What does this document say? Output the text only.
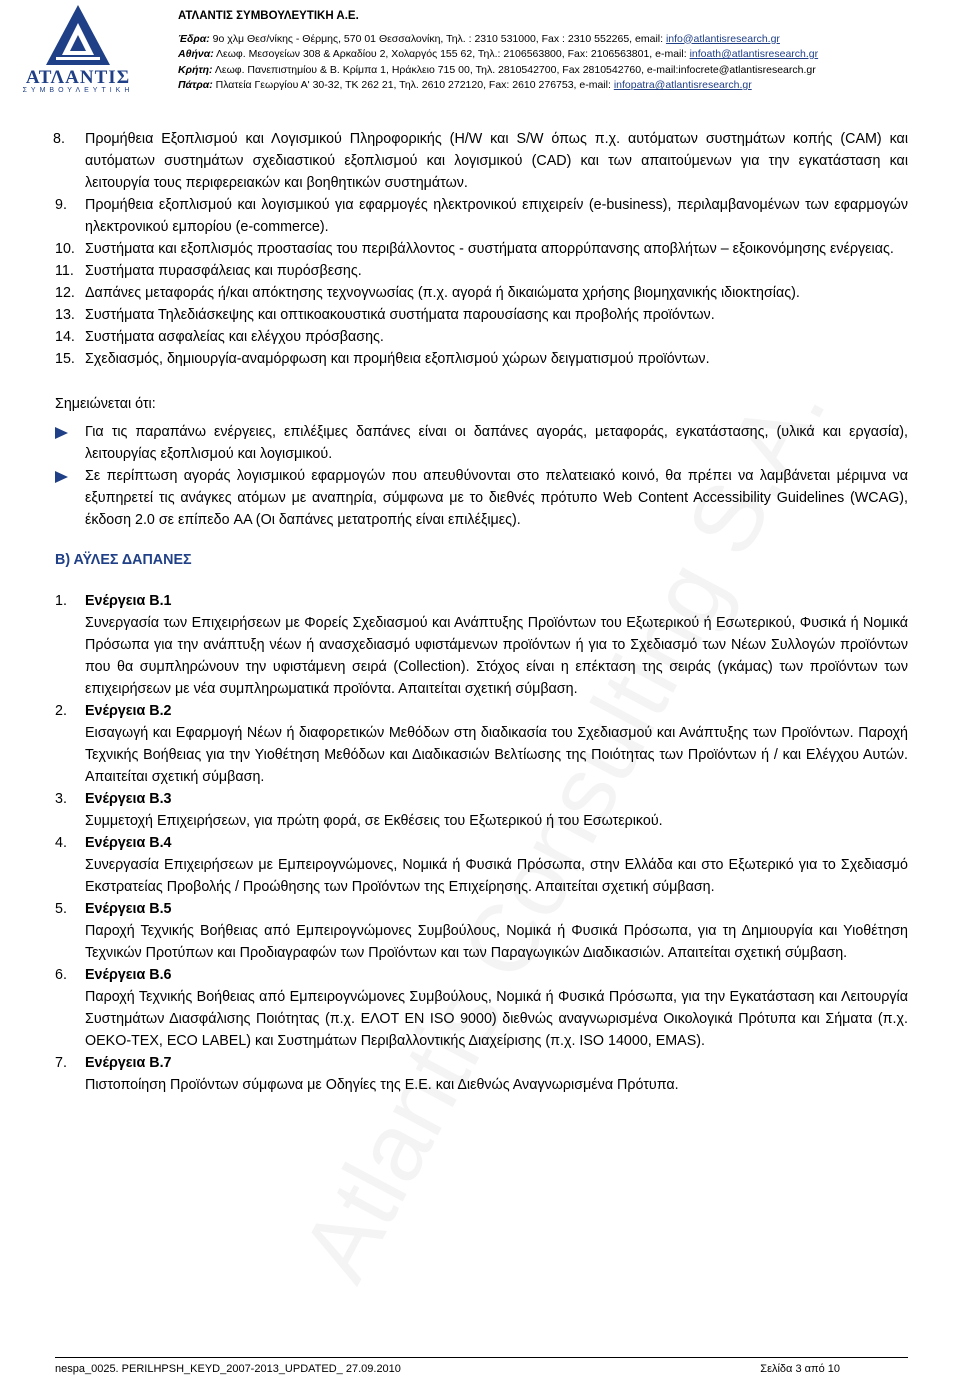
ΑΤΛΑΝΤΙΣ
ΣΥΜΒΟΥΛΕΥΤΙΚΗ
ΑΤΛΑΝΤΙΣ ΣΥΜΒΟΥΛΕΥΤΙΚΗ Α.Ε.
Έδρα: 9ο χλμ Θεσ/νίκης - Θέρμης, 570 01 Θεσσαλονίκη, Τηλ. : 2310 531000, Fax : 2310 552265, email: info@atlantisresearch.gr
Αθήνα: Λεωφ. Μεσογείων 308 & Αρκαδίου 2, Χολαργός 155 62, Τηλ.: 2106563800, Fax: 2106563801, e-mail: infoath@atlantisresearch.gr
Κρήτη: Λεωφ. Πανεπιστημίου & Β. Κρίμπα 1, Ηράκλειο 715 00, Τηλ. 2810542700, Fax 2810542760, e-mail:infocrete@atlantisresearch.gr
Πάτρα: Πλατεία Γεωργίου Α' 30-32, ΤΚ 262 21, Τηλ. 2610 272120, Fax: 2610 276753, e-mail: infopatra@atlantisresearch.gr
8. Προμήθεια Εξοπλισμού και Λογισμικού Πληροφορικής (H/W και S/W όπως π.χ. αυτόματων συστημάτων κοπής (CAM) και αυτόματων συστημάτων σχεδιαστικού εξοπλισμού και λογισμικού (CAD) και των απαιτούμενων για την εγκατάσταση και λειτουργία τους περιφερειακών και βοηθητικών συστημάτων.
9. Προμήθεια εξοπλισμού και λογισμικού για εφαρμογές ηλεκτρονικού επιχειρείν (e-business), περιλαμβανομένων των εφαρμογών ηλεκτρονικού εμπορίου (e-commerce).
10. Συστήματα και εξοπλισμός προστασίας του περιβάλλοντος - συστήματα απορρύπανσης αποβλήτων – εξοικονόμησης ενέργειας.
11. Συστήματα πυρασφάλειας και πυρόσβεσης.
12. Δαπάνες μεταφοράς ή/και απόκτησης τεχνογνωσίας (π.χ. αγορά ή δικαιώματα χρήσης βιομηχανικής ιδιοκτησίας).
13. Συστήματα Τηλεδιάσκεψης και οπτικοακουστικά συστήματα παρουσίασης και προβολής προϊόντων.
14. Συστήματα ασφαλείας και ελέγχου πρόσβασης.
15. Σχεδιασμός, δημιουργία-αναμόρφωση και προμήθεια εξοπλισμού χώρων δειγματισμού προϊόντων.
Σημειώνεται ότι:
Για τις παραπάνω ενέργειες, επιλέξιμες δαπάνες είναι οι δαπάνες αγοράς, μεταφοράς, εγκατάστασης, (υλικά και εργασία), λειτουργίας εξοπλισμού και λογισμικού.
Σε περίπτωση αγοράς λογισμικού εφαρμογών που απευθύνονται στο πελατειακό κοινό, θα πρέπει να λαμβάνεται μέριμνα να εξυπηρετεί τις ανάγκες ατόμων με αναπηρία, σύμφωνα με το διεθνές πρότυπο Web Content Accessibility Guidelines (WCAG), έκδοση 2.0 σε επίπεδο AA (Οι δαπάνες μετατροπής είναι επιλέξιμες).
Β) ΑΫΛΕΣ ΔΑΠΑΝΕΣ
1. Ενέργεια Β.1
Συνεργασία των Επιχειρήσεων με Φορείς Σχεδιασμού και Ανάπτυξης Προϊόντων του Εξωτερικού ή Εσωτερικού, Φυσικά ή Νομικά Πρόσωπα για την ανάπτυξη νέων ή ανασχεδιασμό υφιστάμενων προϊόντων ή για το Σχεδιασμό των Νέων Συλλογών προϊόντων που θα συμπληρώνουν την υφιστάμενη σειρά (Collection). Στόχος είναι η επέκταση της σειράς (γκάμας) των προϊόντων των επιχειρήσεων με νέα συμπληρωματικά προϊόντα. Απαιτείται σχετική σύμβαση.
2. Ενέργεια Β.2
Εισαγωγή και Εφαρμογή Νέων ή διαφορετικών Μεθόδων στη διαδικασία του Σχεδιασμού και Ανάπτυξης των Προϊόντων. Παροχή Τεχνικής Βοήθειας για την Υιοθέτηση Μεθόδων και Διαδικασιών Βελτίωσης της Ποιότητας των Προϊόντων ή / και Ελέγχου Αυτών. Απαιτείται σχετική σύμβαση.
3. Ενέργεια Β.3
Συμμετοχή Επιχειρήσεων, για πρώτη φορά, σε Εκθέσεις του Εξωτερικού ή του Εσωτερικού.
4. Ενέργεια Β.4
Συνεργασία Επιχειρήσεων με Εμπειρογνώμονες, Νομικά ή Φυσικά Πρόσωπα, στην Ελλάδα και στο Εξωτερικό για το Σχεδιασμό Εκστρατείας Προβολής / Προώθησης των Προϊόντων της Επιχείρησης. Απαιτείται σχετική σύμβαση.
5. Ενέργεια Β.5
Παροχή Τεχνικής Βοήθειας από Εμπειρογνώμονες Συμβούλους, Νομικά ή Φυσικά Πρόσωπα, για τη Δημιουργία και Υιοθέτηση Τεχνικών Προτύπων και Προδιαγραφών των Προϊόντων και των Παραγωγικών Διαδικασιών. Απαιτείται σχετική σύμβαση.
6. Ενέργεια Β.6
Παροχή Τεχνικής Βοήθειας από Εμπειρογνώμονες Συμβούλους, Νομικά ή Φυσικά Πρόσωπα, για την Εγκατάσταση και Λειτουργία Συστημάτων Διασφάλισης Ποιότητας (π.χ. ΕΛΟΤ ΕΝ ISO 9000) διεθνώς αναγνωρισμένα Οικολογικά Πρότυπα και Σήματα (π.χ. OEKO-TEX, ECO LABEL) και Συστημάτων Περιβαλλοντικής Διαχείρισης (π.χ. ISO 14000, EMAS).
7. Ενέργεια Β.7
Πιστοποίηση Προϊόντων σύμφωνα με Οδηγίες της Ε.Ε. και Διεθνώς Αναγνωρισμένα Πρότυπα.
nespa_0025. PERILHPSH_KEYD_2007-2013_UPDATED_ 27.09.2010	Σελίδα 3 από 10
